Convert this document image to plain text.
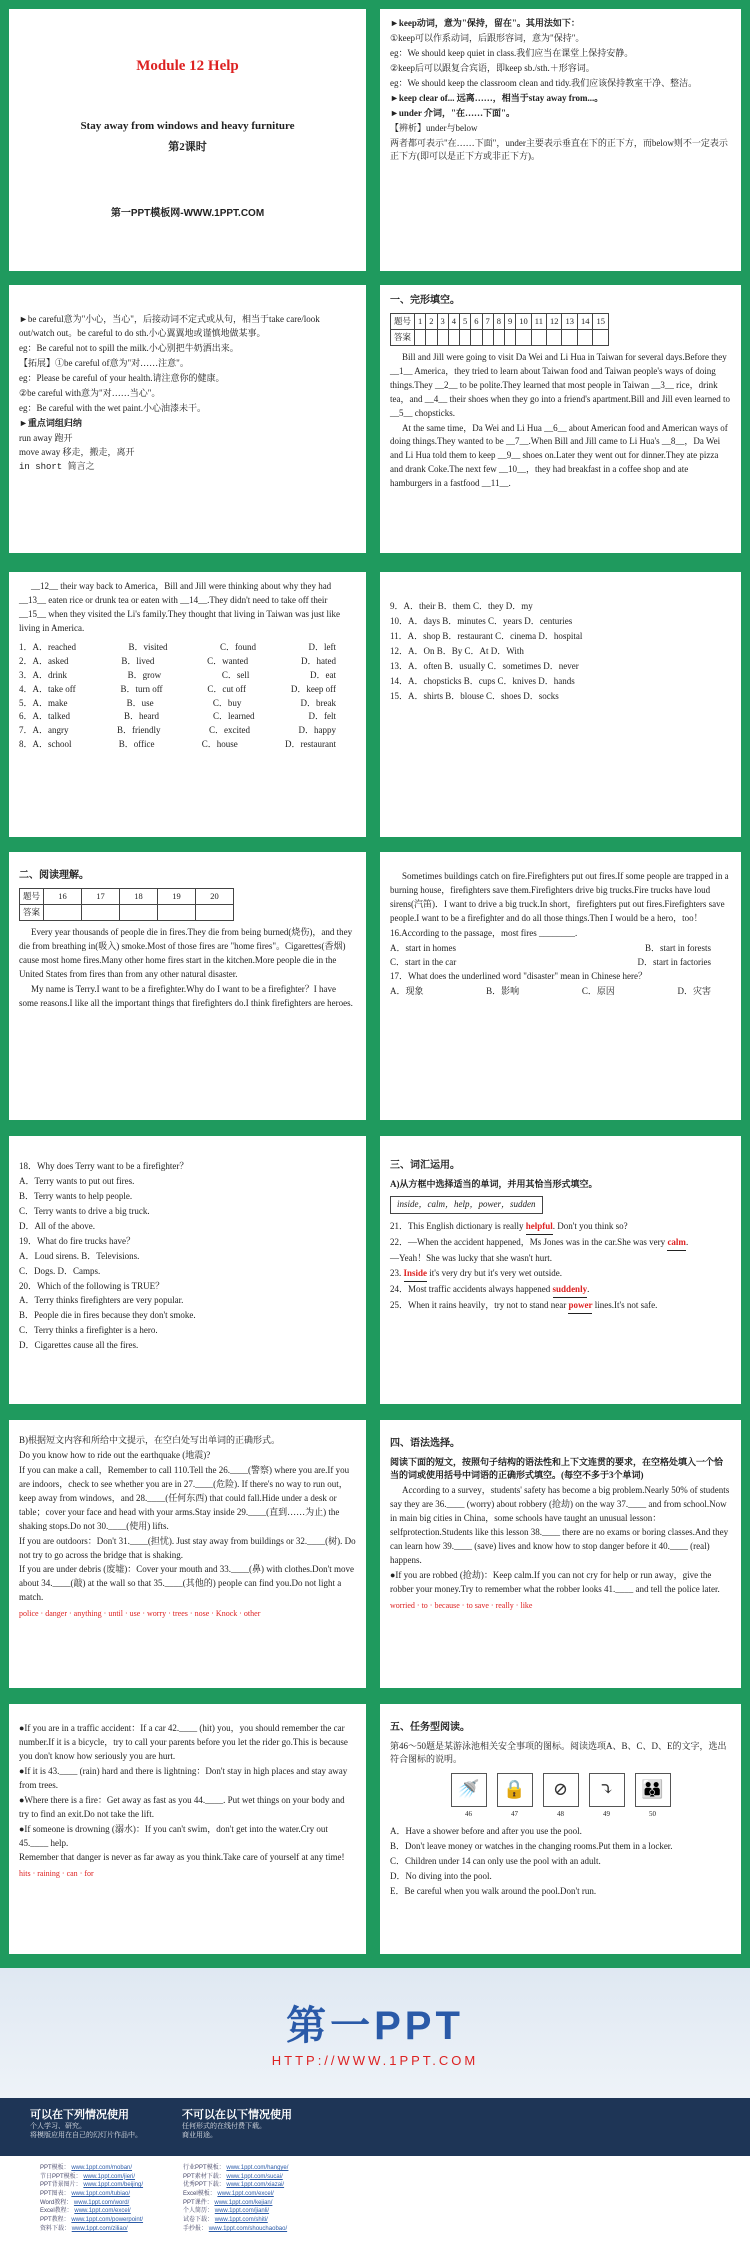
Module 12 Help
Stay away from windows and heavy furniture
第2课时
第一PPT模板网-WWW.1PPT.COM

►keep动词，意为"保持，留在"。其用法如下：

①keep可以作系动词，后跟形容词，意为"保持"。

eg：We should keep quiet in class.我们应当在课堂上保持安静。

②keep后可以跟复合宾语，即keep sb./sth.＋形容词。

eg：We should keep the classroom clean and tidy.我们应该保持教室干净、整洁。

►keep clear of... 远离……，相当于stay away from...。

►under 介词，"在……下面"。

【辨析】under与below

两者都可表示"在……下面"，under主要表示垂直在下的正下方，而below则不一定表示正下方(即可以是正下方或非正下方)。

►be careful意为"小心，当心"，后接动词不定式或从句，相当于take care/look out/watch out。be careful to do sth.小心翼翼地或谨慎地做某事。

eg：Be careful not to spill the milk.小心别把牛奶洒出来。

【拓展】①be careful of意为"对……注意"。

eg：Please be careful of your health.请注意你的健康。

②be careful with意为"对……当心"。

eg：Be careful with the wet paint.小心油漆未干。

►重点词组归纳

run away 跑开

move away 移走，搬走，离开

in short 简言之

一、完形填空。
题号	1	2	3	4	5	6	7	8	9	10	11	12	13	14	15
答案															

Bill and Jill were going to visit Da Wei and Li Hua in Taiwan for several days.Before they __1__ America，they tried to learn about Taiwan food and Taiwan people's ways of doing things.They __2__ to be polite.They learned that most people in Taiwan __3__ rice，drink tea，and __4__ their shoes when they go into a friend's apartment.Bill and Jill even learned to __5__ chopsticks.

At the same time，Da Wei and Li Hua __6__ about American food and American ways of doing things.They wanted to be __7__.When Bill and Jill came to Li Hua's __8__，Da Wei and Li Hua told them to keep __9__ shoes on.Later they went out for dinner.They ate pizza and drank Coke.The next few __10__，they had breakfast in a coffee shop and ate hamburgers in a fastfood __11__.

__12__ their way back to America，Bill and Jill were thinking about why they had __13__ eaten rice or drunk tea or eaten with __14__.They didn't need to take off their __15__ when they visited the Li's family.They thought that living in Taiwan was just like living in America.

1．A．reached	B．visited	C．found	D．left
2．A．asked	B．lived	C．wanted	D．hated
3．A．drink	B．grow	C．sell	D．eat
4．A．take off	B．turn off	C．cut off	D．keep off
5．A．make	B．use	C．buy	D．break
6．A．talked	B．heard	C．learned	D．felt
7．A．angry	B．friendly	C．excited	D．happy
8．A．school	B．office	C．house	D．restaurant

9．A．their B．them C．they D．my

10．A．days B．minutes C．years D．centuries

11．A．shop B．restaurant C．cinema D．hospital

12．A．On B．By C．At D．With

13．A．often B．usually C．sometimes D．never

14．A．chopsticks B．cups C．knives D．hands

15．A．shirts B．blouse C．shoes D．socks

二、阅读理解。
题号	16	17	18	19	20
答案					

Every year thousands of people die in fires.They die from being burned(烧伤)，and they die from breathing in(吸入) smoke.Most of those fires are "home fires"。Cigarettes(香烟) cause most home fires.Many other home fires start in the kitchen.More people die in the United States from fires than from any other natural disaster.

My name is Terry.I want to be a firefighter.Why do I want to be a firefighter？I have some reasons.I like all the important things that firefighters do.I think firefighters are heroes.

Sometimes buildings catch on fire.Firefighters put out fires.If some people are trapped in a burning house，firefighters save them.Firefighters drive big trucks.Fire trucks have loud sirens(汽笛)．I want to drive a big truck.In short，firefighters put out fires.Firefighters save people.I want to be a firefighter and do all those things.Then I would be a hero，too！

16.According to the passage，most fires ________.

A．start in homes	B．start in forests
C．start in the car	D．start in factories

17．What does the underlined word "disaster" mean in Chinese here？

A．现象	B．影响	C．原因	D．灾害

18．Why does Terry want to be a firefighter？

A．Terry wants to put out fires.

B．Terry wants to help people.

C．Terry wants to drive a big truck.

D．All of the above.

19．What do fire trucks have？

A．Loud sirens. B．Televisions.

C．Dogs. D．Camps.

20．Which of the following is TRUE？

A．Terry thinks firefighters are very popular.

B．People die in fires because they don't smoke.

C．Terry thinks a firefighter is a hero.

D．Cigarettes cause all the fires.

三、词汇运用。

A)从方框中选择适当的单词，并用其恰当形式填空。

inside，calm，help，power，sudden

21．This English dictionary is really helpful. Don't you think so?

22．—When the accident happened，Ms Jones was in the car.She was very calm.

—Yeah！She was lucky that she wasn't hurt.

23. Inside it's very dry but it's very wet outside.

24．Most traffic accidents always happened suddenly.

25．When it rains heavily，try not to stand near power lines.It's not safe.

B)根据短文内容和所给中文提示，在空白处写出单词的正确形式。

Do you know how to ride out the earthquake (地震)?

If you can make a call，Remember to call 110.Tell the 26.____(警察) where you are.If you are indoors，check to see whether you are in 27.____(危险). If there's no way to run out，keep away from windows，and 28.____(任何东西) that could fall.Hide under a desk or table；cover your face and head with your arms.Stay inside 29.____(直到……为止) the shaking stops.Do not 30.____(使用) lifts.

If you are outdoors：Don't 31.____(担忧). Just stay away from buildings or 32.____(树). Do not try to go across the bridge that is shaking.

If you are under debris (废墟)：Cover your mouth and 33.____(鼻) with clothes.Don't move about 34.____(敲) at the wall so that 35.____(其他的) people can find you.Do not light a match.

police · danger · anything · until · use · worry · trees · nose · Knock · other

四、语法选择。

阅读下面的短文，按照句子结构的语法性和上下文连贯的要求，在空格处填入一个恰当的词或使用括号中词语的正确形式填空。(每空不多于3个单词)

According to a survey，students' safety has become a big problem.Nearly 50% of students say they are 36.____ (worry) about robbery (抢劫) on the way 37.____ and from school.Now in main big cities in China，some schools have taught an unusual lesson：selfprotection.Students like this lesson 38.____ there are no exams or boring classes.And they can learn how 39.____ (save) lives and know how to stop danger before it 40.____ (real) happens.

●If you are robbed (抢劫)：Keep calm.If you can not cry for help or run away，give the robber your money.Try to remember what the robber looks 41.____ and tell the police later.

worried · to · because · to save · really · like

●If you are in a traffic accident：If a car 42.____ (hit) you，you should remember the car number.If it is a bicycle，try to call your parents before you let the rider go.This is because you don't know how seriously you are hurt.

●If it is 43.____ (rain) hard and there is lightning：Don't stay in high places and stay away from trees.

●Where there is a fire：Get away as fast as you 44.____. Put wet things on your body and try to find an exit.Do not take the lift.

●If someone is drowning (溺水)：If you can't swim，don't get into the water.Cry out 45.____ help.

Remember that danger is never as far away as you think.Take care of yourself at any time!

hits · raining · can · for

五、任务型阅读。

第46～50题是某游泳池相关安全事项的图标。阅读选项A、B、C、D、E的文字，选出符合图标的说明。

🚿
46
🔒
47
⊘
48
⤵
49
👪
50

A．Have a shower before and after you use the pool.

B．Don't leave money or watches in the changing rooms.Put them in a locker.

C．Children under 14 can only use the pool with an adult.

D．No diving into the pool.

E．Be careful when you walk around the pool.Don't run.

第一PPT
HTTP://WWW.1PPT.COM
可以在下列情况使用
个人学习、研究。
将模版应用在自己的幻灯片作品中。
不可以在以下情况使用
任何形式的在线付费下载。
商业用途。
PPT模板： www.1ppt.com/moban/
节日PPT模板： www.1ppt.com/jieri/
PPT背景图片： www.1ppt.com/beijing/
PPT图表： www.1ppt.com/tubiao/
Word教程： www.1ppt.com/word/
Excel教程： www.1ppt.com/excel/
PPT教程： www.1ppt.com/powerpoint/
资料下载： www.1ppt.com/ziliao/
行业PPT模板： www.1ppt.com/hangye/
PPT素材下载： www.1ppt.com/sucai/
优秀PPT下载： www.1ppt.com/xiazai/
Excel模板： www.1ppt.com/excel/
PPT课件： www.1ppt.com/kejian/
个人简历： www.1ppt.com/jianli/
试卷下载： www.1ppt.com/shiti/
手抄报： www.1ppt.com/shouchaobao/
